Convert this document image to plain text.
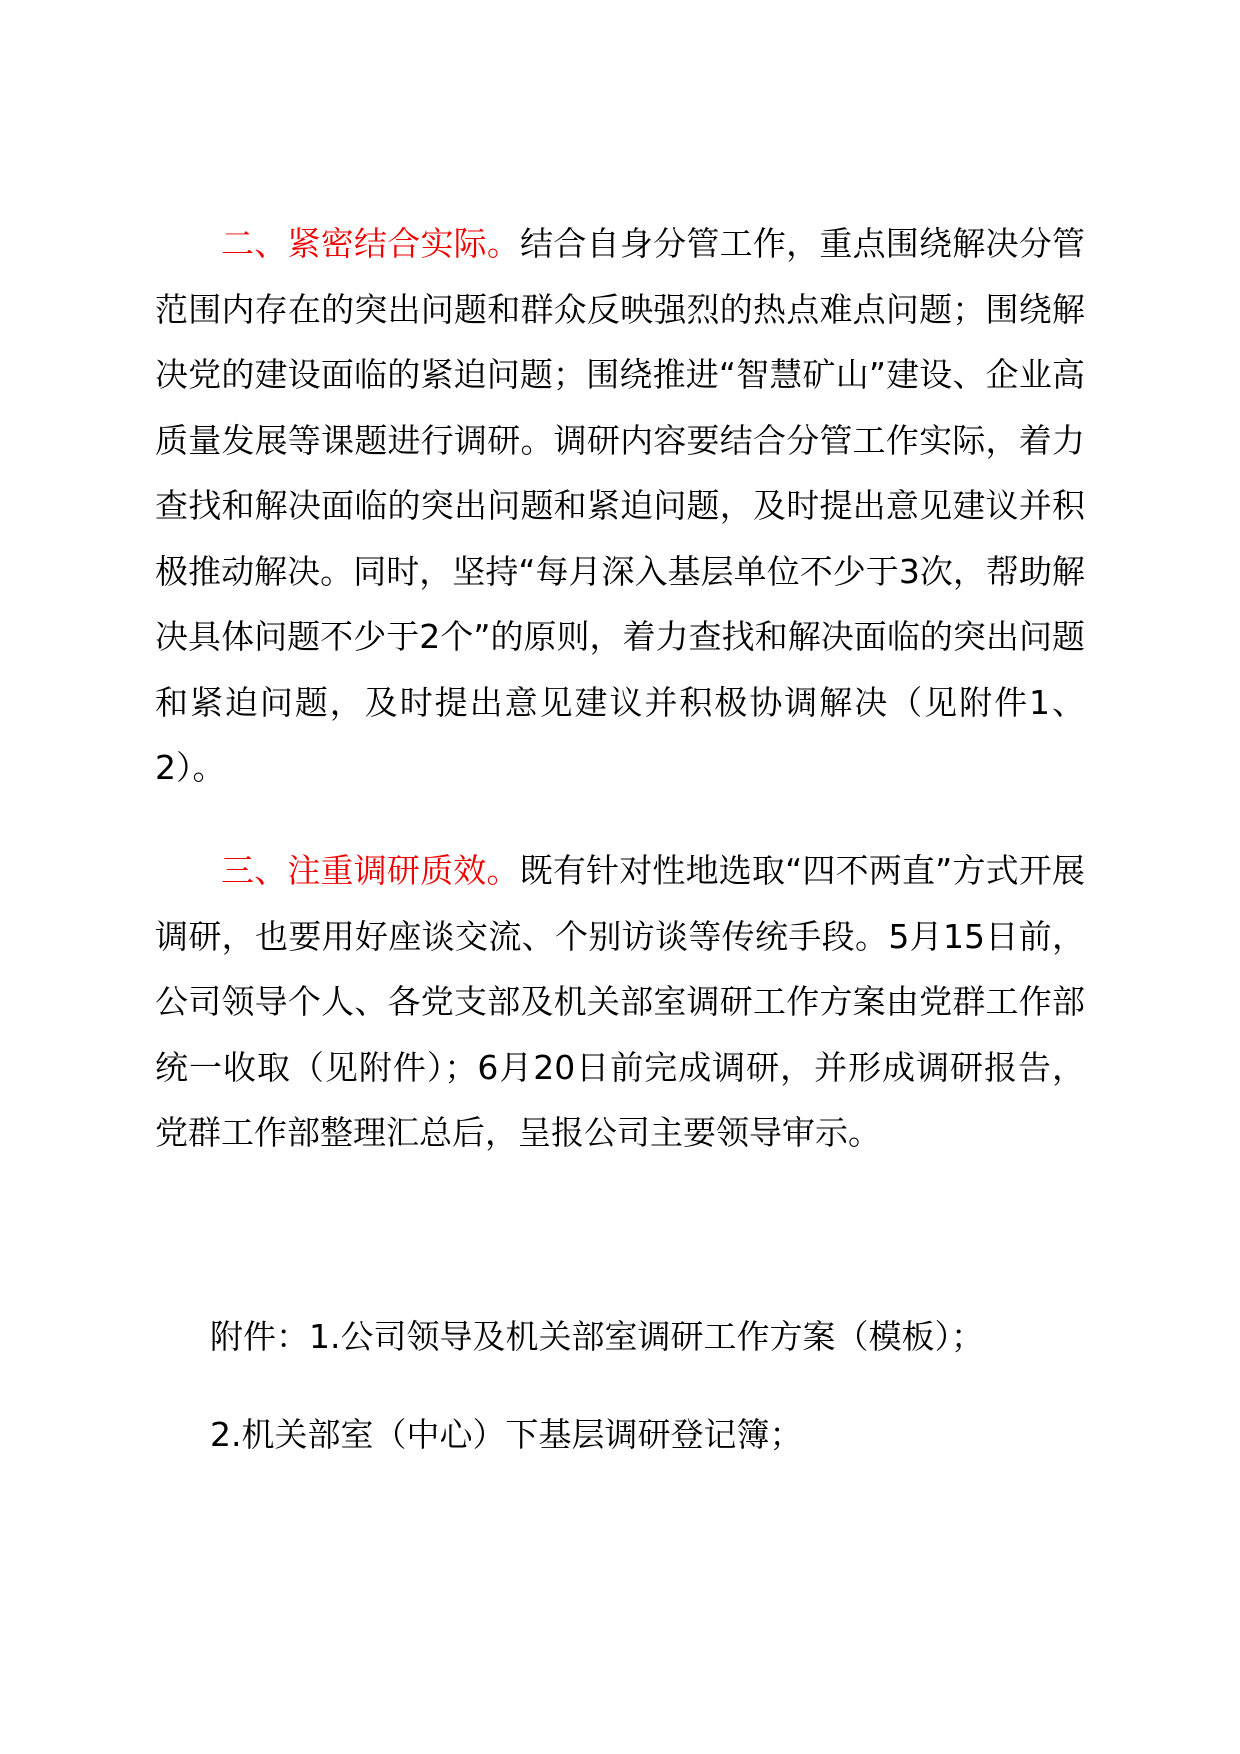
二、紧密结合实际。结合自身分管工作，重点围绕解决分管范围内存在的突出问题和群众反映强烈的热点难点问题；围绕解决党的建设面临的紧迫问题；围绕推进“智慧矿山”建设、企业高质量发展等课题进行调研。调研内容要结合分管工作实际，着力查找和解决面临的突出问题和紧迫问题，及时提出意见建议并积极推动解决。同时，坚持“每月深入基层单位不少于3次，帮助解决具体问题不少于2个”的原则，着力查找和解决面临的突出问题和紧迫问题，及时提出意见建议并积极协调解决（见附件1、2）。

三、注重调研质效。既有针对性地选取“四不两直”方式开展调研，也要用好座谈交流、个别访谈等传统手段。5月15日前，公司领导个人、各党支部及机关部室调研工作方案由党群工作部统一收取（见附件）；6月20日前完成调研，并形成调研报告，党群工作部整理汇总后，呈报公司主要领导审示。

附件：1.公司领导及机关部室调研工作方案（模板）；

2.机关部室（中心）下基层调研登记簿；
